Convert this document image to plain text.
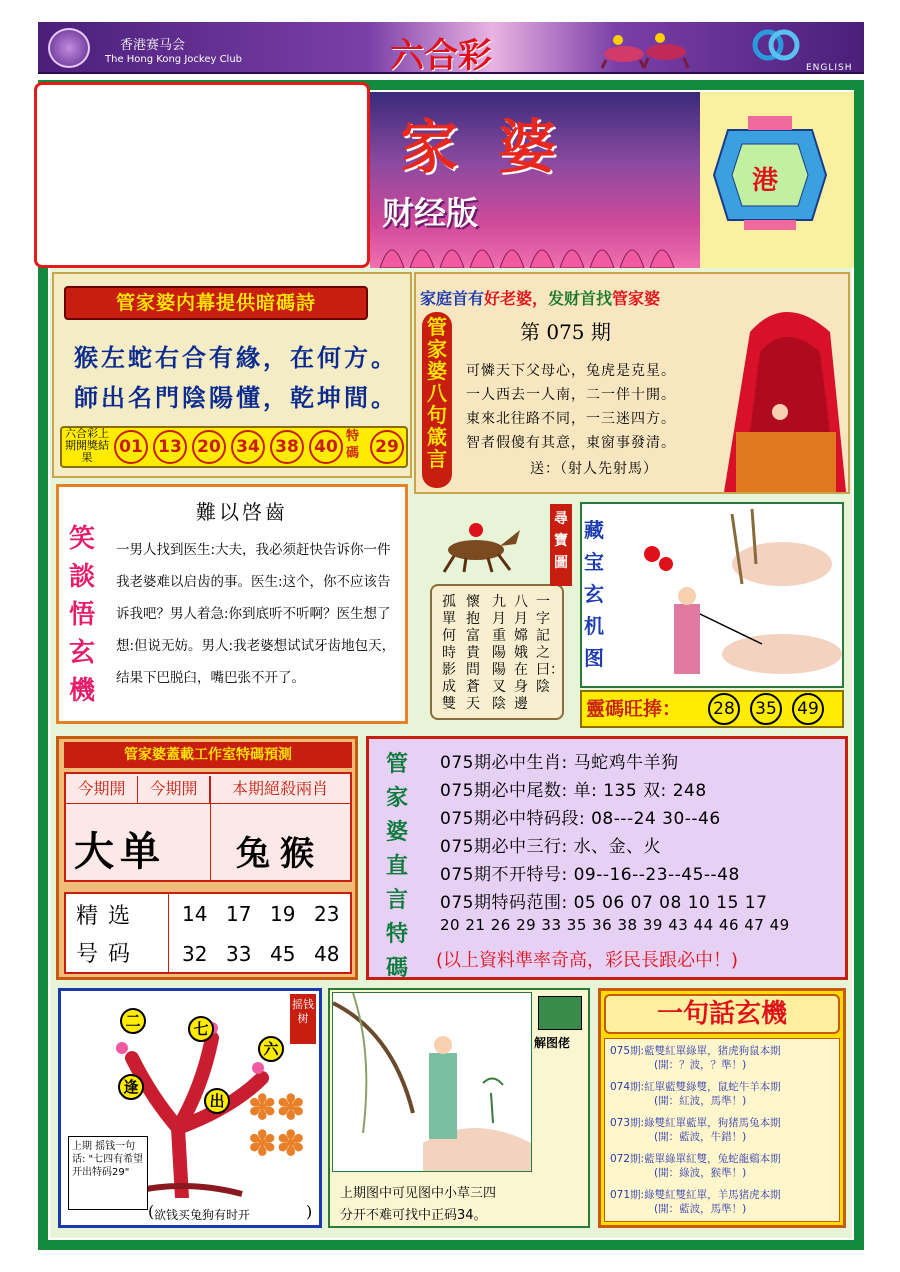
香港赛马会
The Hong Kong Jockey Club	六合彩	ENGLISH
家婆
财经版
港
管家婆内幕提供暗碼詩
猴左蛇右合有緣，在何方。
師出名門陰陽懂，乾坤間。
六合彩上期開獎結果
01 13 20 34 38 40
特碼 29
家庭首有好老婆，发财首找管家婆
管家婆八句箴言
第 075 期
可憐天下父母心，兔虎是克星。
一人西去一人南，二一伴十開。
東來北往路不同，一三迷四方。
智者假傻有其意，東窗事發清。
送：（射人先射馬）
笑談悟玄機
難以啓齒
一男人找到医生:大夫，我必须赶快告诉你一件我老婆难以启齿的事。医生:这个，你不应该告诉我吧？男人着急:你到底听不听啊？医生想了想:但说无妨。男人:我老婆想试试牙齿地包天，结果下巴脱臼，嘴巴张不开了。
一字記之曰：陰
八月嫦娥在身邊
九月重陽陽叉陰
懷抱富貴問蒼天
孤單何時影成雙
尋寶圖
藏宝玄机图
靈碼旺捧：	28	35	49
管家婆蓋載工作室特碼預測
今期開	今期開	本期絕殺兩肖
大单 兔猴
精选号码
14 17 19 23
32 33 45 48
管家婆直言特碼
075期必中生肖: 马蛇鸡牛羊狗
075期必中尾数: 单: 135 双: 248
075期必中特码段: 08---24 30--46
075期必中三行: 水、金、火
075期不开特号: 09--16--23--45--48
075期特码范围: 05 06 07 08 10 15 17
20 21 26 29 33 35 36 38 39 43 44 46 47 49
(以上資料準率奇高，彩民長跟必中！)
摇钱树
二	七
六
逢
出 ✽✽
✽✽
上期 摇钱一句话: "七四有希望 开出特码29"
( 欲钱买兔狗有时开	)
解图佬
上期图中可见图中小草三四
分开不难可找中正码34。
一句話玄機
075期:藍雙紅單綠單，猪虎狗鼠本期
(開：？波，？準！)
074期:紅單藍雙綠雙，鼠蛇牛羊本期
(開：紅波，馬準！)
073期:綠雙紅單藍單，狗猪馬兔本期
(開：藍波，牛錯！)
072期:藍單綠單紅雙，兔蛇龍鷄本期
(開：綠波，猴準！)
071期:綠雙紅雙紅單，羊馬猪虎本期
(開：藍波，馬準！)
